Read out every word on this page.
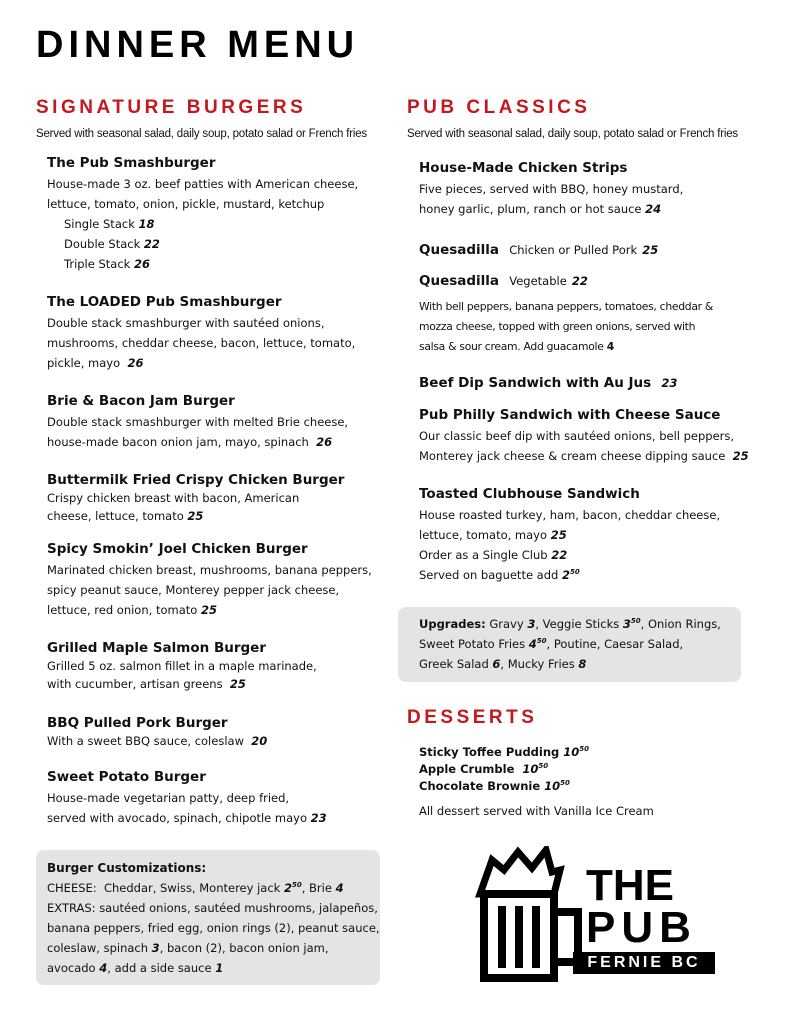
DINNER MENU
SIGNATURE BURGERS
Served with seasonal salad, daily soup, potato salad or French fries
The Pub Smashburger
House-made 3 oz. beef patties with American cheese,
lettuce, tomato, onion, pickle, mustard, ketchup
Single Stack 18
Double Stack 22
Triple Stack 26
The LOADED Pub Smashburger
Double stack smashburger with sautéed onions,
mushrooms, cheddar cheese, bacon, lettuce, tomato,
pickle, mayo 26
Brie & Bacon Jam Burger
Double stack smashburger with melted Brie cheese,
house-made bacon onion jam, mayo, spinach 26
Buttermilk Fried Crispy Chicken Burger
Crispy chicken breast with bacon, American
cheese, lettuce, tomato 25
Spicy Smokin’ Joel Chicken Burger
Marinated chicken breast, mushrooms, banana peppers,
spicy peanut sauce, Monterey pepper jack cheese,
lettuce, red onion, tomato 25
Grilled Maple Salmon Burger
Grilled 5 oz. salmon fillet in a maple marinade,
with cucumber, artisan greens 25
BBQ Pulled Pork Burger
With a sweet BBQ sauce, coleslaw 20
Sweet Potato Burger
House-made vegetarian patty, deep fried,
served with avocado, spinach, chipotle mayo 23
Burger Customizations:
CHEESE: Cheddar, Swiss, Monterey jack $2^{50}$, Brie 4
EXTRAS: sautéed onions, sautéed mushrooms, jalapeños,
banana peppers, fried egg, onion rings (2), peanut sauce,
coleslaw, spinach 3, bacon (2), bacon onion jam,
avocado 4, add a side sauce 1
PUB CLASSICS
Served with seasonal salad, daily soup, potato salad or French fries
House-Made Chicken Strips
Five pieces, served with BBQ, honey mustard,
honey garlic, plum, ranch or hot sauce 24
Quesadilla Chicken or Pulled Pork 25
Quesadilla Vegetable 22
With bell peppers, banana peppers, tomatoes, cheddar &
mozza cheese, topped with green onions, served with
salsa & sour cream. Add guacamole 4
Beef Dip Sandwich with Au Jus 23
Pub Philly Sandwich with Cheese Sauce
Our classic beef dip with sautéed onions, bell peppers,
Monterey jack cheese & cream cheese dipping sauce 25
Toasted Clubhouse Sandwich
House roasted turkey, ham, bacon, cheddar cheese,
lettuce, tomato, mayo 25
Order as a Single Club 22
Served on baguette add $2^{50}$
Upgrades: Gravy 3, Veggie Sticks $3^{50}$, Onion Rings,
Sweet Potato Fries $4^{50}$, Poutine, Caesar Salad,
Greek Salad 6, Mucky Fries 8
DESSERTS
Sticky Toffee Pudding $10^{50}$
Apple Crumble $10^{50}$
Chocolate Brownie $10^{50}$
All dessert served with Vanilla Ice Cream
THE
PUB
FERNIE BC
